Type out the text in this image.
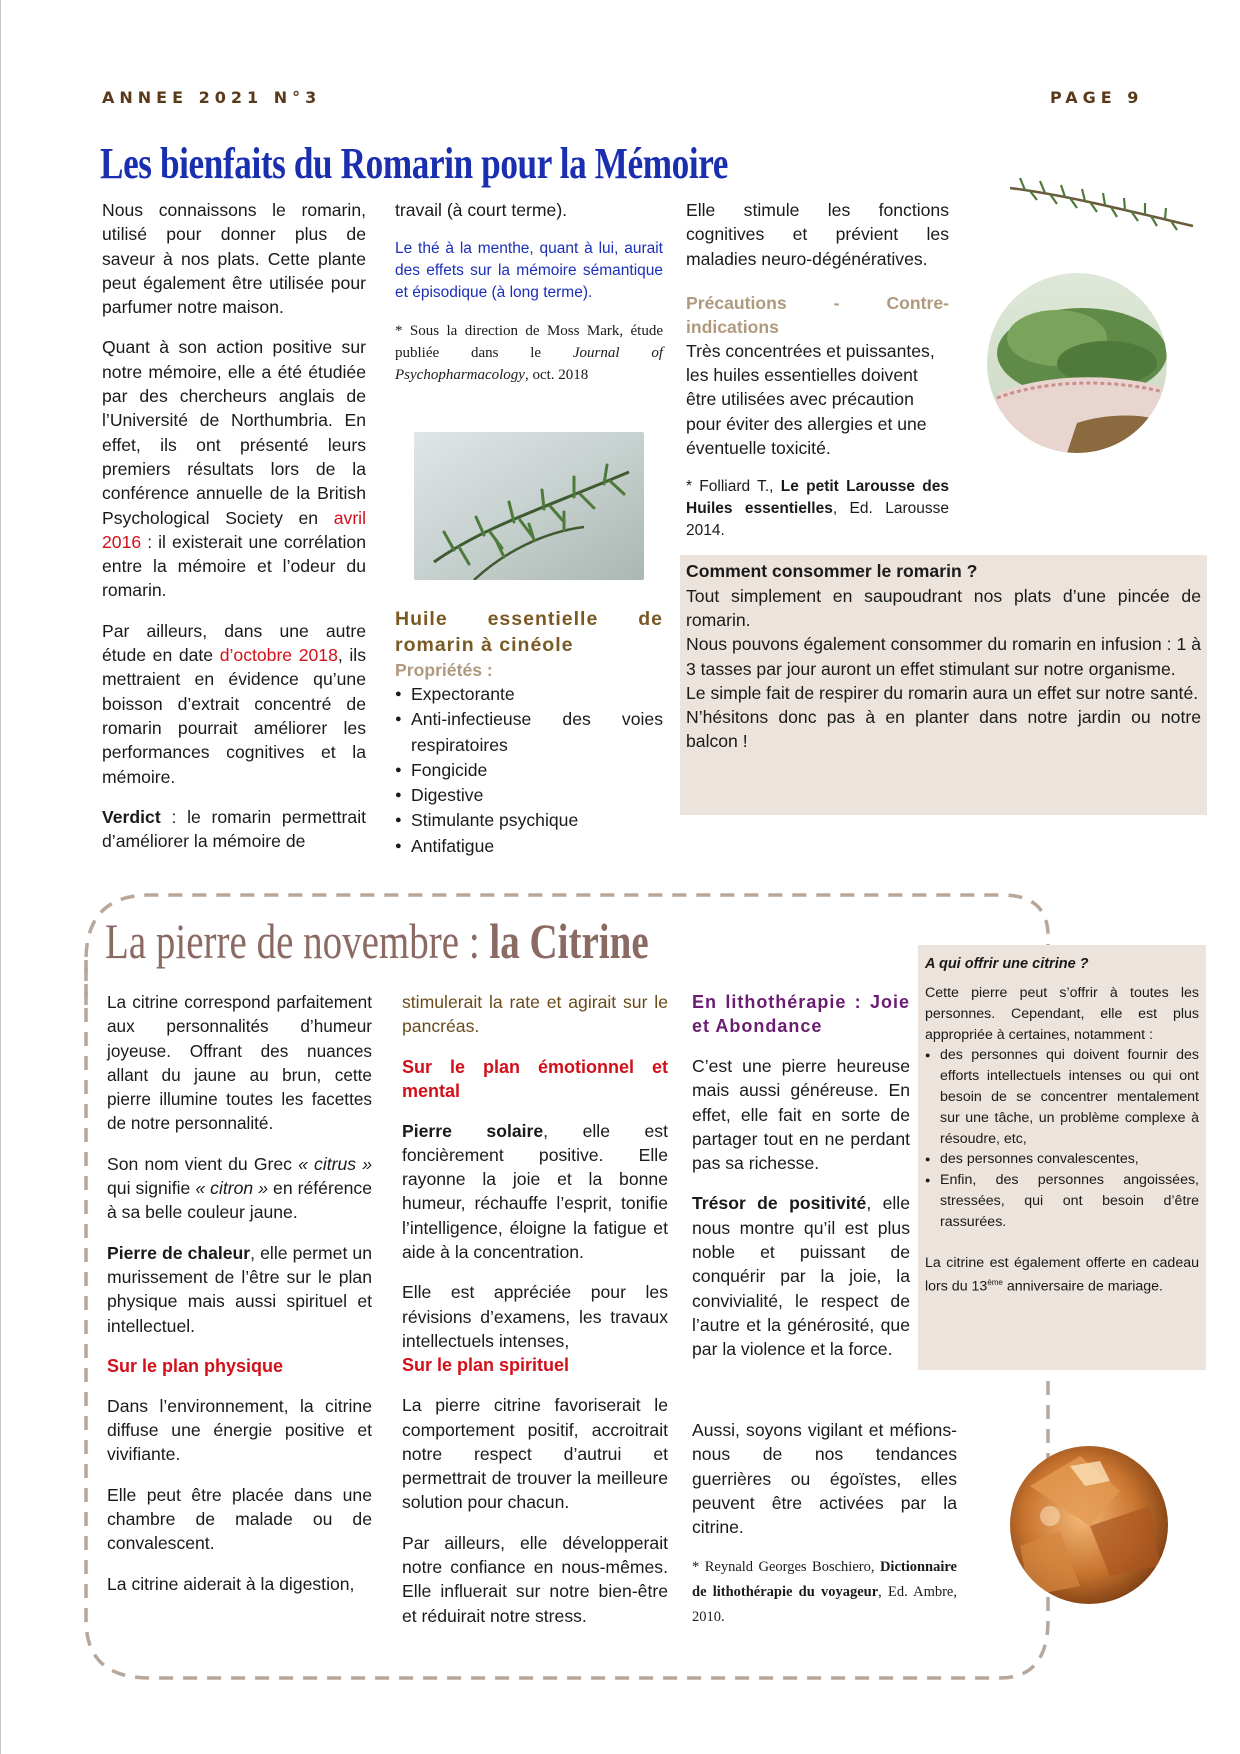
ANNEE 2021 N°3	PAGE 9
Les bienfaits du Romarin pour la Mémoire

Nous connaissons le romarin, utilisé pour donner plus de saveur à nos plats. Cette plante peut également être utilisée pour parfumer notre maison.

Quant à son action positive sur notre mémoire, elle a été étudiée par des chercheurs anglais de l’Université de Northumbria. En effet, ils ont présenté leurs premiers résultats lors de la conférence annuelle de la British Psychological Society en avril 2016 : il existerait une corrélation entre la mémoire et l’odeur du romarin.

Par ailleurs, dans une autre étude en date d’octobre 2018, ils mettraient en évidence qu’une boisson d’extrait concentré de romarin pourrait améliorer les performances cognitives et la mémoire.

Verdict : le romarin permettrait d’améliorer la mémoire de

travail (à court terme).

Le thé à la menthe, quant à lui, aurait des effets sur la mémoire sémantique et épisodique (à long terme).

* Sous la direction de Moss Mark, étude publiée dans le Journal of Psychopharmacology, oct. 2018

Huile essentielle de romarin à cinéole

Propriétés :

● Expectorante
● Anti-infectieuse des voies respiratoires
● Fongicide
● Digestive
● Stimulante psychique
● Antifatigue

Elle stimule les fonctions cognitives et prévient les maladies neuro-dégénératives.

Précautions - Contre-indications

Très concentrées et puissantes, les huiles essentielles doivent être utilisées avec précaution pour éviter des allergies et une éventuelle toxicité.

* Folliard T., Le petit Larousse des Huiles essentielles, Ed. Larousse 2014.

Comment consommer le romarin ?

Tout simplement en saupoudrant nos plats d’une pincée de romarin.

Nous pouvons également consommer du romarin en infusion : 1 à 3 tasses par jour auront un effet stimulant sur notre organisme.

Le simple fait de respirer du romarin aura un effet sur notre santé.

N’hésitons donc pas à en planter dans notre jardin ou notre balcon !

La pierre de novembre : la Citrine

La citrine correspond parfaitement aux personnalités d’humeur joyeuse. Offrant des nuances allant du jaune au brun, cette pierre illumine toutes les facettes de notre personnalité.

Son nom vient du Grec « citrus » qui signifie « citron » en référence à sa belle couleur jaune.

Pierre de chaleur, elle permet un murissement de l’être sur le plan physique mais aussi spirituel et intellectuel.

Sur le plan physique

Dans l’environnement, la citrine diffuse une énergie positive et vivifiante.

Elle peut être placée dans une chambre de malade ou de convalescent.

La citrine aiderait à la digestion,

stimulerait la rate et agirait sur le pancréas.

Sur le plan émotionnel et mental

Pierre solaire, elle est foncièrement positive. Elle rayonne la joie et la bonne humeur, réchauffe l’esprit, tonifie l’intelligence, éloigne la fatigue et aide à la concentration.

Elle est appréciée pour les révisions d’examens, les travaux intellectuels intenses,

Sur le plan spirituel

La pierre citrine favoriserait le comportement positif, accroitrait notre respect d’autrui et permettrait de trouver la meilleure solution pour chacun.

Par ailleurs, elle développerait notre confiance en nous-mêmes. Elle influerait sur notre bien-être et réduirait notre stress.

En lithothérapie : Joie et Abondance

C’est une pierre heureuse mais aussi généreuse. En effet, elle fait en sorte de partager tout en ne perdant pas sa richesse.

Trésor de positivité, elle nous montre qu’il est plus noble et puissant de conquérir par la joie, la convivialité, le respect de l’autre et la générosité, que par la violence et la force.

Aussi, soyons vigilant et méfions-nous de nos tendances guerrières ou égoïstes, elles peuvent être activées par la citrine.

* Reynald Georges Boschiero, Dictionnaire de lithothérapie du voyageur, Ed. Ambre, 2010.

A qui offrir une citrine ?

Cette pierre peut s’offrir à toutes les personnes. Cependant, elle est plus appropriée à certaines, notamment :

● des personnes qui doivent fournir des efforts intellectuels intenses ou qui ont besoin de se concentrer mentalement sur une tâche, un problème complexe à résoudre, etc,
● des personnes convalescentes,
● Enfin, des personnes angoissées, stressées, qui ont besoin d’être rassurées.

La citrine est également offerte en cadeau lors du 13ème anniversaire de mariage.
